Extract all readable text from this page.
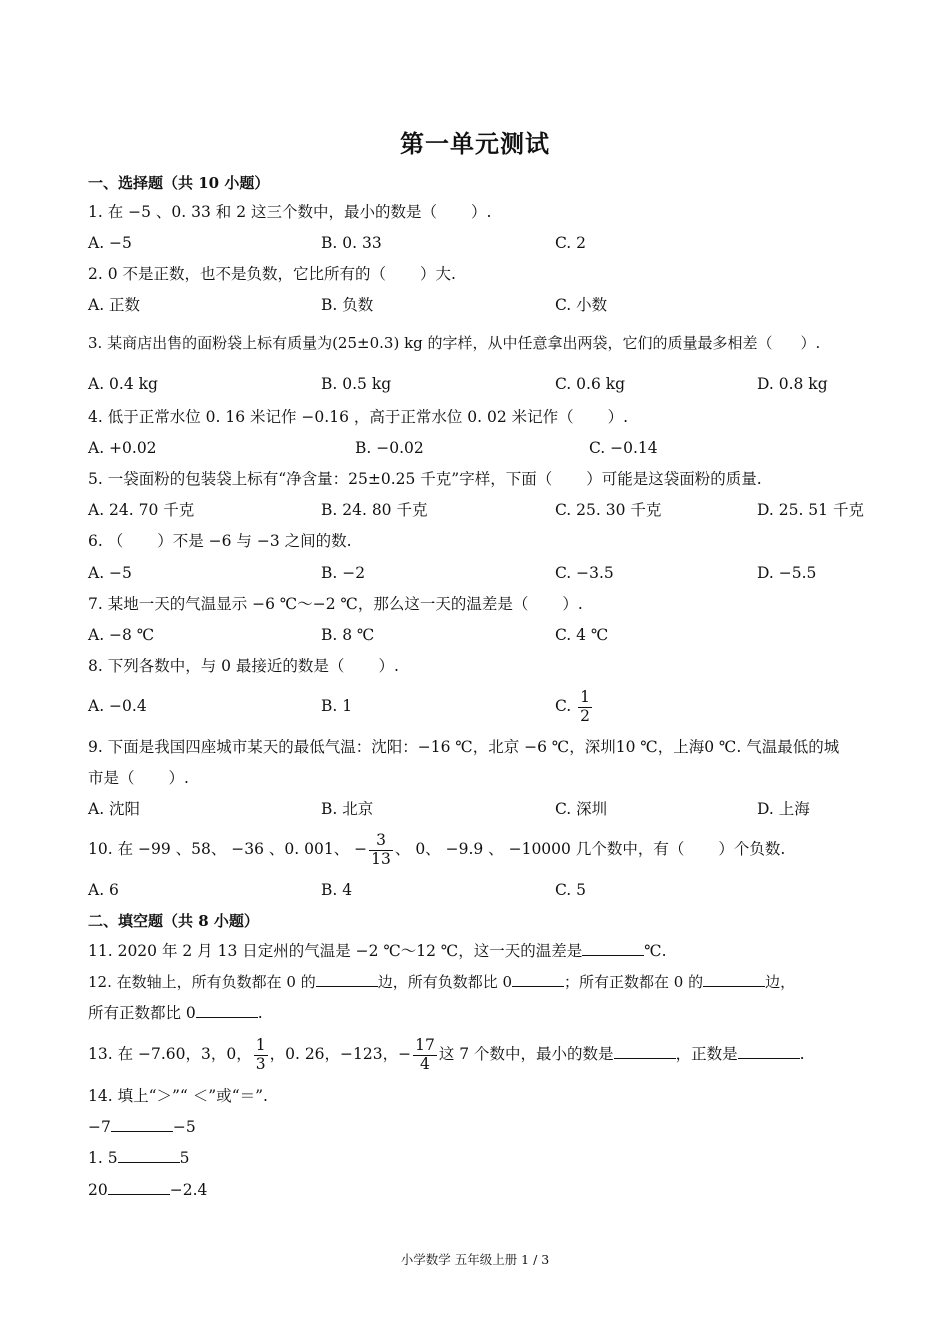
第一单元测试
一、选择题（共 10 小题）
1. 在 −5 、0. 33 和 2 这三个数中，最小的数是（ ）.
A. −5	B. 0. 33	C. 2
2. 0 不是正数，也不是负数，它比所有的（ ）大.
A. 正数	B. 负数	C. 小数
3. 某商店出售的面粉袋上标有质量为(25±0.3) kg 的字样，从中任意拿出两袋，它们的质量最多相差（ ）.
A. 0.4 kg	B. 0.5 kg	C. 0.6 kg	D. 0.8 kg
4. 低于正常水位 0. 16 米记作 −0.16 ，高于正常水位 0. 02 米记作（ ）.
A. +0.02	B. −0.02	C. −0.14
5. 一袋面粉的包装袋上标有“净含量：25±0.25 千克”字样，下面（ ）可能是这袋面粉的质量.
A. 24. 70 千克	B. 24. 80 千克	C. 25. 30 千克	D. 25. 51 千克
6. （ ）不是 −6 与 −3 之间的数.
A. −5	B. −2	C. −3.5	D. −5.5
7. 某地一天的气温显示 −6 ℃～−2 ℃，那么这一天的温差是（ ）.
A. −8 ℃	B. 8 ℃	C. 4 ℃
8. 下列各数中，与 0 最接近的数是（ ）.
A. −0.4	B. 1	C. $\frac{1}{2}$
9. 下面是我国四座城市某天的最低气温：沈阳：−16 ℃，北京 −6 ℃，深圳10 ℃，上海0 ℃. 气温最低的城
市是（ ）.
A. 沈阳	B. 北京	C. 深圳	D. 上海
10. 在 −99 、58、 −36 、0. 001、 − $\frac{3}{13}$ 、 0、 −9.9 、 −10000 几个数中，有（ ）个负数.
A. 6	B. 4	C. 5
二、填空题（共 8 小题）
11. 2020 年 2 月 13 日定州的气温是 −2 ℃～12 ℃，这一天的温差是	℃.
12. 在数轴上，所有负数都在 0 的	边，所有负数都比 0	；所有正数都在 0 的	边，
所有正数都比 0	.
13. 在 −7.60，3，0， $\frac{1}{3}$ ，0. 26，−123，− $\frac{17}{4}$ 这 7 个数中，最小的数是	，正数是	.
14. 填上“＞”“ ＜”或“＝”.
−7	−5
1. 5	5
20	−2.4
小学数学 五年级上册 1 / 3
